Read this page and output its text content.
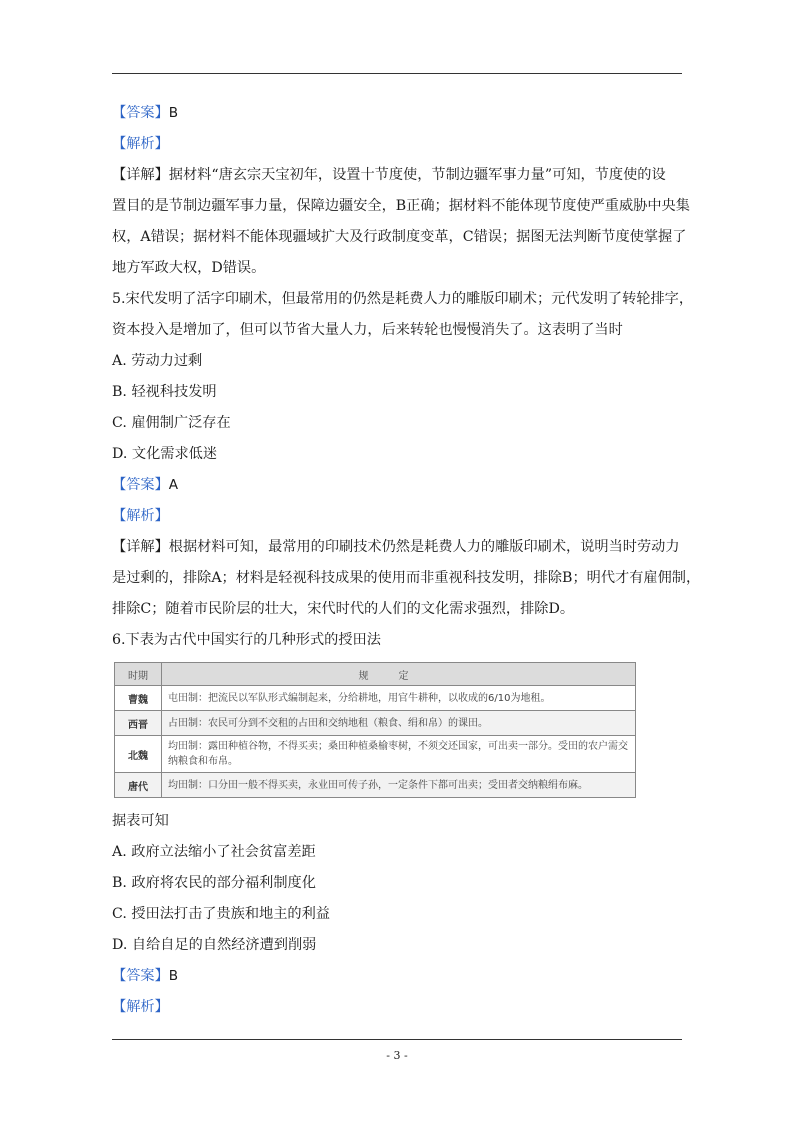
【答案】B
【解析】
【详解】据材料“唐玄宗天宝初年，设置十节度使，节制边疆军事力量”可知，节度使的设
置目的是节制边疆军事力量，保障边疆安全，B正确；据材料不能体现节度使严重威胁中央集
权，A错误；据材料不能体现疆域扩大及行政制度变革，C错误；据图无法判断节度使掌握了
地方军政大权，D错误。
5.宋代发明了活字印刷术，但最常用的仍然是耗费人力的雕版印刷术；元代发明了转轮排字，
资本投入是增加了，但可以节省大量人力，后来转轮也慢慢消失了。这表明了当时
A. 劳动力过剩
B. 轻视科技发明
C. 雇佣制广泛存在
D. 文化需求低迷
【答案】A
【解析】
【详解】根据材料可知，最常用的印刷技术仍然是耗费人力的雕版印刷术，说明当时劳动力
是过剩的，排除A；材料是轻视科技成果的使用而非重视科技发明，排除B；明代才有雇佣制，
排除C；随着市民阶层的壮大，宋代时代的人们的文化需求强烈，排除D。
6.下表为古代中国实行的几种形式的授田法
时期	规定
曹魏	屯田制：把流民以军队形式编制起来，分给耕地，用官牛耕种，以收成的6/10为地租。
西晋	占田制：农民可分到不交租的占田和交纳地租（粮食、绢和帛）的课田。
北魏	均田制：露田种植谷物，不得买卖；桑田种植桑榆枣树，不须交还国家，可出卖一部分。受田的农户需交纳粮食和布帛。
唐代	均田制：口分田一般不得买卖，永业田可传子孙，一定条件下都可出卖；受田者交纳粮绢布麻。
据表可知
A. 政府立法缩小了社会贫富差距
B. 政府将农民的部分福利制度化
C. 授田法打击了贵族和地主的利益
D. 自给自足的自然经济遭到削弱
【答案】B
【解析】
- 3 -
